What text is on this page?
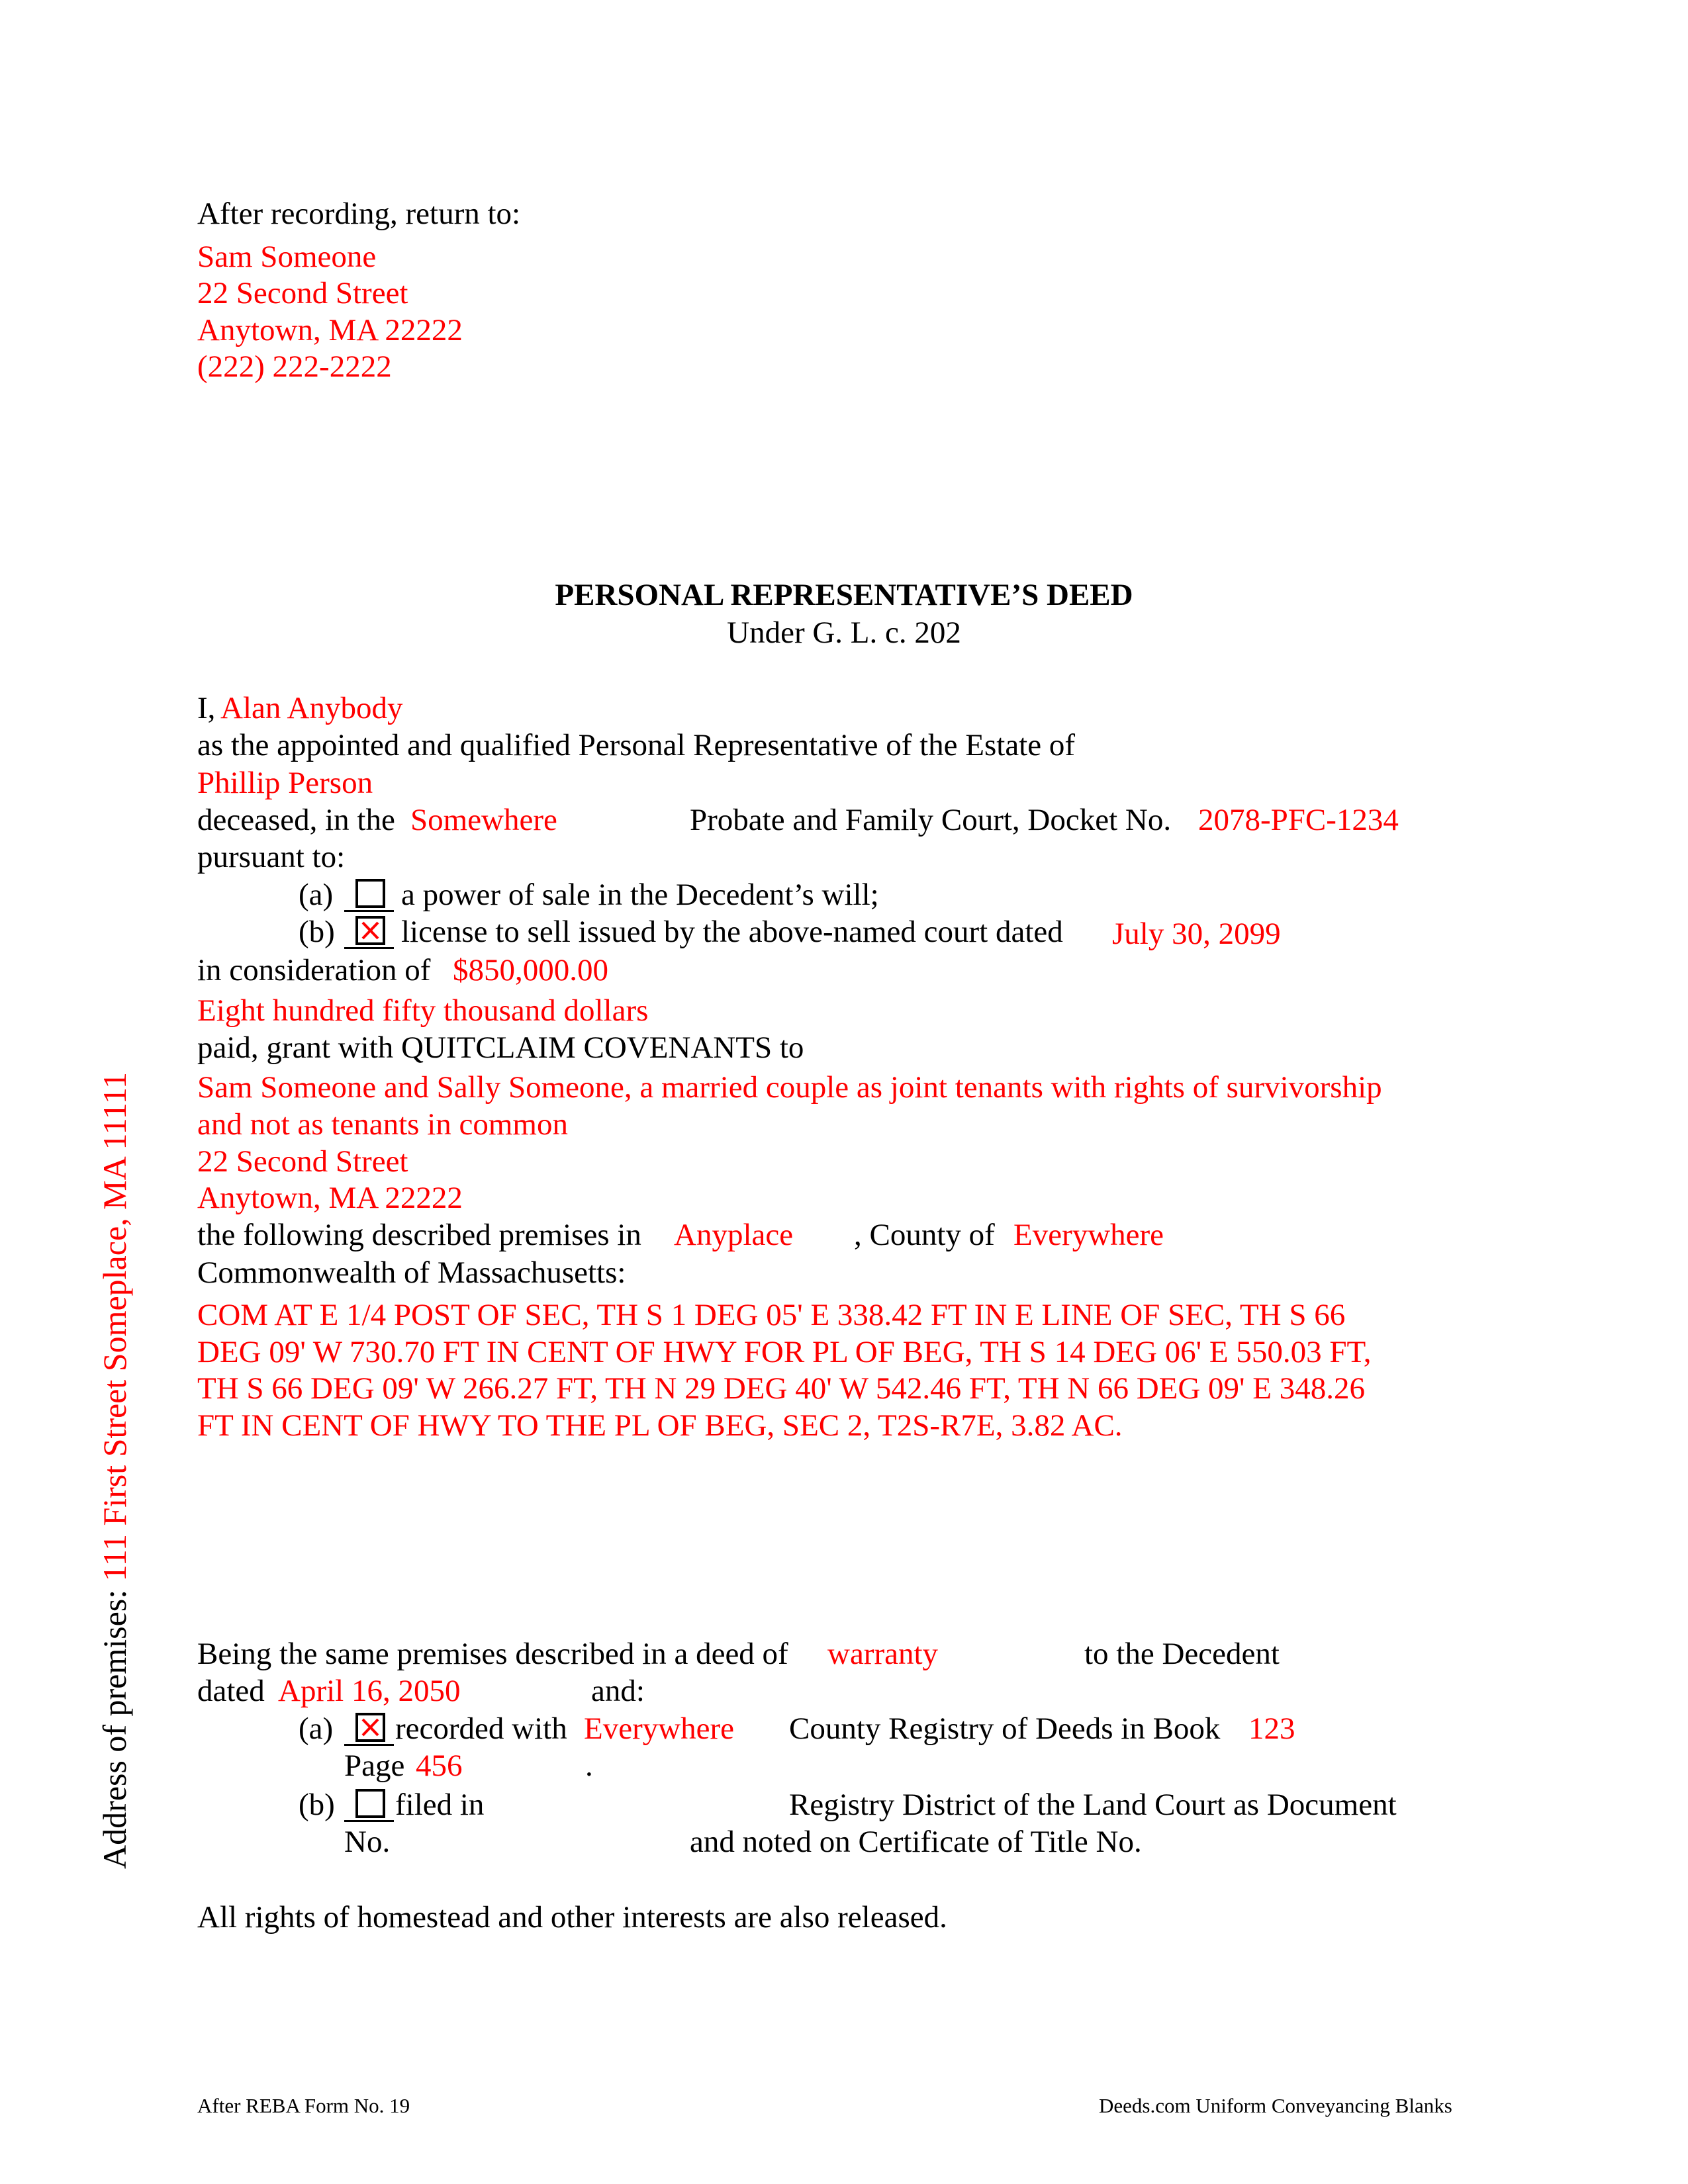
After recording, return to:
Sam Someone
22 Second Street
Anytown, MA 22222
(222) 222-2222
PERSONAL REPRESENTATIVE’S DEED
Under G. L. c. 202
I, Alan Anybody
as the appointed and qualified Personal Representative of the Estate of
Phillip Person
deceased, in the Somewhere	Probate and Family Court, Docket No. 2078-PFC-1234
pursuant to:
(a) a power of sale in the Decedent’s will;
(b) license to sell issued by the above-named court dated July 30, 2099
in consideration of $850,000.00
Eight hundred fifty thousand dollars
paid, grant with QUITCLAIM COVENANTS to
Sam Someone and Sally Someone, a married couple as joint tenants with rights of survivorship
and not as tenants in common
22 Second Street
Anytown, MA 22222
the following described premises in Anyplace , County of Everywhere
Commonwealth of Massachusetts:
COM AT E 1/4 POST OF SEC, TH S 1 DEG 05' E 338.42 FT IN E LINE OF SEC, TH S 66
DEG 09' W 730.70 FT IN CENT OF HWY FOR PL OF BEG, TH S 14 DEG 06' E 550.03 FT,
TH S 66 DEG 09' W 266.27 FT, TH N 29 DEG 40' W 542.46 FT, TH N 66 DEG 09' E 348.26
FT IN CENT OF HWY TO THE PL OF BEG, SEC 2, T2S-R7E, 3.82 AC.
Being the same premises described in a deed of warranty	to the Decedent
dated April 16, 2050	and:
(a) recorded with Everywhere County Registry of Deeds in Book 123
Page 456	.
(b) filed in	Registry District of the Land Court as Document
No.	and noted on Certificate of Title No.
All rights of homestead and other interests are also released.
Address of premises: 111 First Street Someplace, MA 11111
After REBA Form No. 19	Deeds.com Uniform Conveyancing Blanks
